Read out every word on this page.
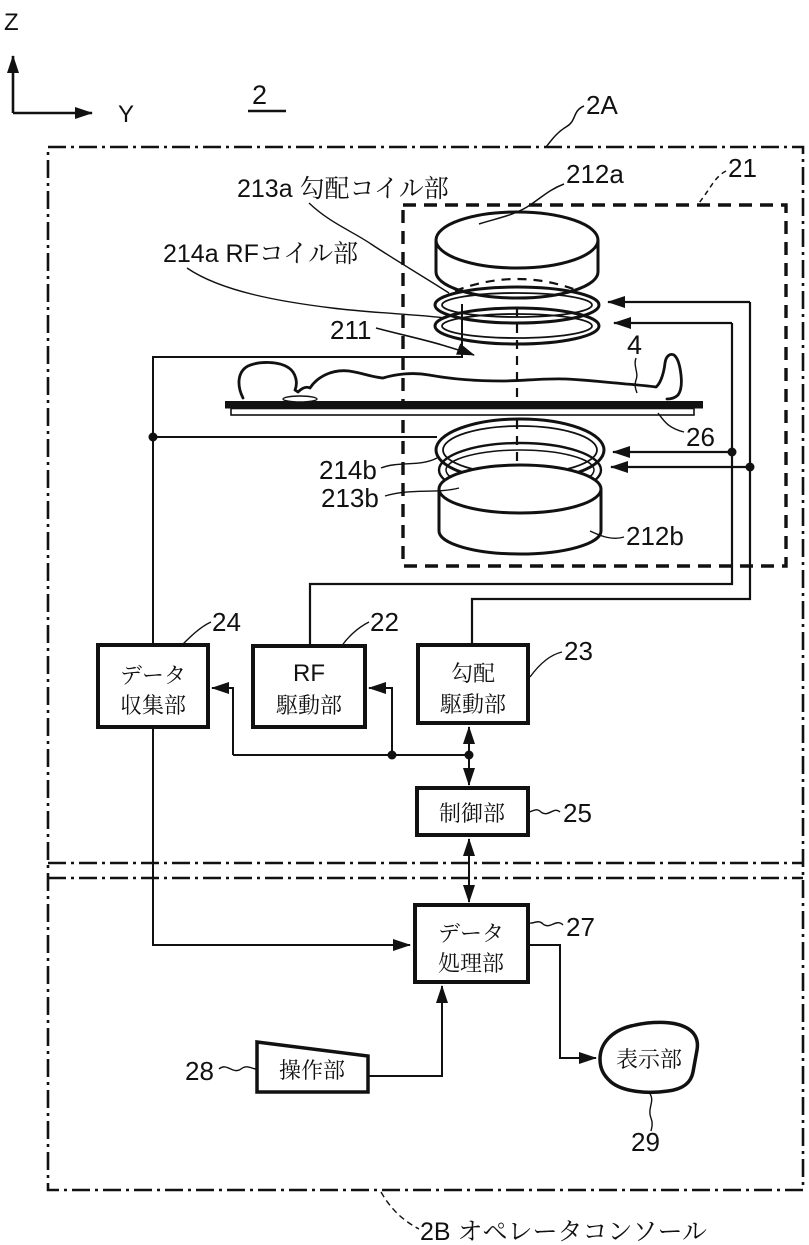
Z
Y
2	2A
21
212a
213a 勾配コイル部
214a RFコイル部
211	4
26
214b
213b
212b
データ
収集部
24
RF
駆動部
22
勾配
駆動部
23
制御部 25
データ
処理部
27
操作部
28	表示部
29
2B オペレータコンソール
